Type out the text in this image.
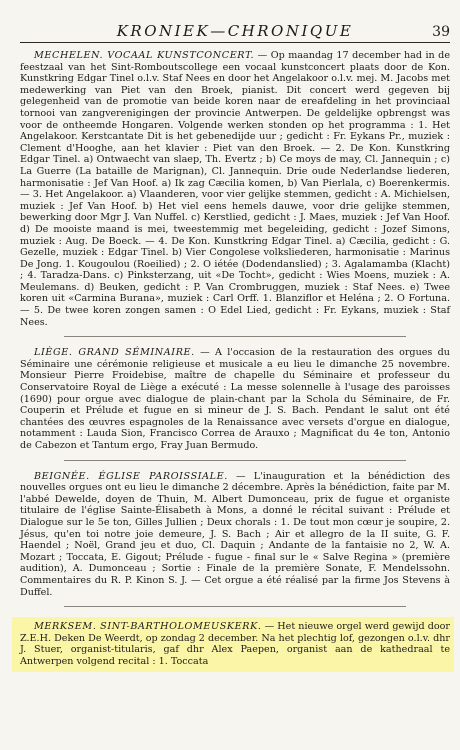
KRONIEK—CHRONIQUE	39

MECHELEN. VOCAAL KUNSTCONCERT. — Op maandag 17 december had in de feestzaal van het Sint-Romboutscollege een vocaal kunstconcert plaats door de Kon. Kunstkring Edgar Tinel o.l.v. Staf Nees en door het Angelakoor o.l.v. mej. M. Jacobs met medewerking van Piet van den Broek, pianist. Dit concert werd gegeven bij gelegenheid van de promotie van beide koren naar de ereafdeling in het provinciaal tornooi van zangverenigingen der provincie Antwerpen. De geldelijke opbrengst was voor de ontheemde Hongaren. Volgende werken stonden op het programma : 1. Het Angelakoor. Kerstcantate Dit is het gebenedijde uur ; gedicht : Fr. Eykans Pr., muziek : Clement d'Hooghe, aan het klavier : Piet van den Broek. — 2. De Kon. Kunstkring Edgar Tinel. a) Ontwaecht van slaep, Th. Evertz ; b) Ce moys de may, Cl. Jannequin ; c) La Guerre (La bataille de Marignan), Cl. Jannequin. Drie oude Nederlandse liederen, harmonisatie : Jef Van Hoof. a) Ik zag Cæcilia komen, b) Van Pierlala, c) Boerenkermis. — 3. Het Angelakoor. a) Vlaanderen, voor vier gelijke stemmen, gedicht : A. Michielsen, muziek : Jef Van Hoof. b) Het viel eens hemels dauwe, voor drie gelijke stemmen, bewerking door Mgr J. Van Nuffel. c) Kerstlied, gedicht : J. Maes, muziek : Jef Van Hoof. d) De mooiste maand is mei, tweestemmig met begeleiding, gedicht : Jozef Simons, muziek : Aug. De Boeck. — 4. De Kon. Kunstkring Edgar Tinel. a) Cæcilia, gedicht : G. Gezelle, muziek : Edgar Tinel. b) Vier Congolese volksliederen, harmonisatie : Marinus De Jong. 1. Kougoulou (Roeilied) ; 2. O iétée (Dodendanslied) ; 3. Agalamamba (Klacht) ; 4. Taradza-Dans. c) Pinksterzang, uit «De Tocht», gedicht : Wies Moens, muziek : A. Meulemans. d) Beuken, gedicht : P. Van Crombruggen, muziek : Staf Nees. e) Twee koren uit «Carmina Burana», muziek : Carl Orff. 1. Blanziflor et Heléna ; 2. O Fortuna. — 5. De twee koren zongen samen : O Edel Lied, gedicht : Fr. Eykans, muziek : Staf Nees.

LIÈGE. GRAND SÉMINAIRE. — A l'occasion de la restauration des orgues du Séminaire une cérémonie religieuse et musicale a eu lieu le dimanche 25 novembre. Monsieur Pierre Froidebise, maître de chapelle du Séminaire et professeur du Conservatoire Royal de Liège a exécuté : La messe solennelle à l'usage des paroisses (1690) pour orgue avec dialogue de plain-chant par la Schola du Séminaire, de Fr. Couperin et Prélude et fugue en si mineur de J. S. Bach. Pendant le salut ont été chantées des œuvres espagnoles de la Renaissance avec versets d'orgue en dialogue, notamment : Lauda Sion, Francisco Correa de Arauxo ; Magnificat du 4e ton, Antonio de Cabezon et Tantum ergo, Fray Juan Bermudo.

BEIGNÉE. ÉGLISE PAROISSIALE. — L'inauguration et la bénédiction des nouvelles orgues ont eu lieu le dimanche 2 décembre. Après la bénédiction, faite par M. l'abbé Dewelde, doyen de Thuin, M. Albert Dumonceau, prix de fugue et organiste titulaire de l'église Sainte-Élisabeth à Mons, a donné le récital suivant : Prélude et Dialogue sur le 5e ton, Gilles Jullien ; Deux chorals : 1. De tout mon cœur je soupire, 2. Jésus, qu'en toi notre joie demeure, J. S. Bach ; Air et allegro de la II suite, G. F. Haendel ; Noël, Grand jeu et duo, Cl. Daquin ; Andante de la fantaisie no 2, W. A. Mozart ; Toccata, E. Gigout; Prélude - fugue - final sur le « Salve Regina » (première audition), A. Dumonceau ; Sortie : Finale de la première Sonate, F. Mendelssohn. Commentaires du R. P. Kinon S. J. — Cet orgue a été réalisé par la firme Jos Stevens à Duffel.

MERKSEM. SINT-BARTHOLOMEUSKERK. — Het nieuwe orgel werd gewijd door Z.E.H. Deken De Weerdt, op zondag 2 december. Na het plechtig lof, gezongen o.l.v. dhr J. Stuer, organist-titularis, gaf dhr Alex Paepen, organist aan de kathedraal te Antwerpen volgend recital : 1. Toccata
